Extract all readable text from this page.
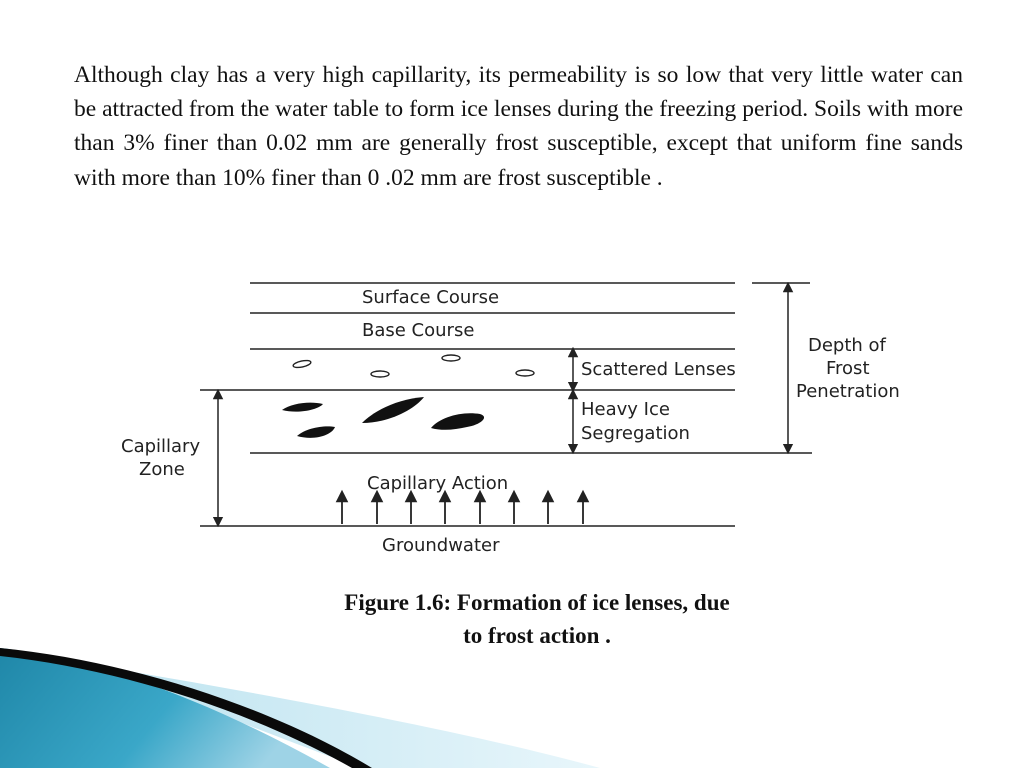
Although clay has a very high capillarity, its permeability is so low that very little water can be attracted from the water table to form ice lenses during the freezing period. Soils with more than 3% finer than 0.02 mm are generally frost susceptible, except that uniform fine sands with more than 10% finer than 0 .02 mm are frost susceptible .

Surface Course
Base Course
Scattered Lenses
Heavy Ice
Segregation
Capillary Action
Groundwater
Capillary
Zone
Depth of
Frost
Penetration
Figure 1.6: Formation of ice lenses, due
to frost action .
